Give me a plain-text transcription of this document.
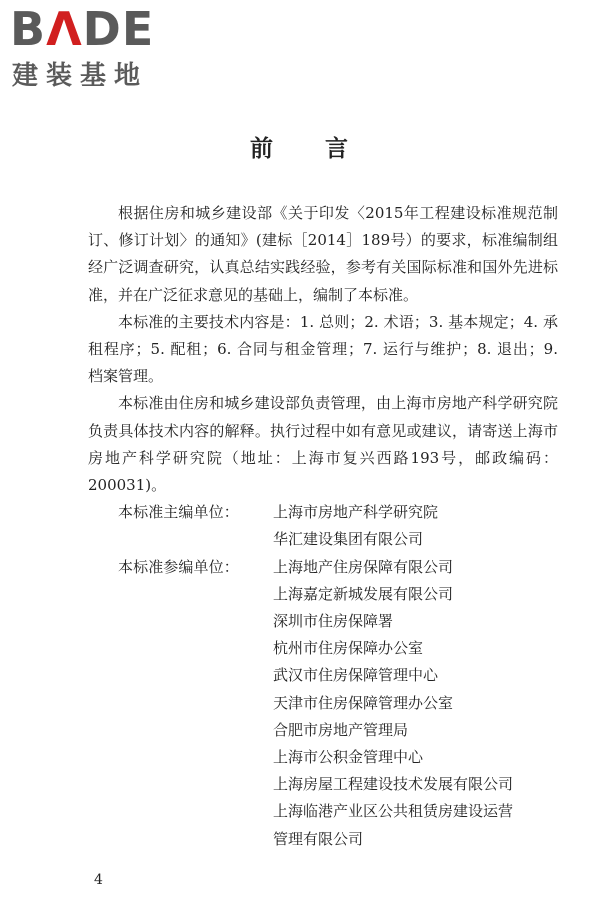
BΛDE
建装基地
前　　言

根据住房和城乡建设部《关于印发〈2015年工程建设标准规范制订、修订计划〉的通知》(建标［2014］189号）的要求，标准编制组经广泛调查研究，认真总结实践经验，参考有关国际标准和国外先进标准，并在广泛征求意见的基础上，编制了本标准。

本标准的主要技术内容是：1. 总则；2. 术语；3. 基本规定；4. 承租程序；5. 配租；6. 合同与租金管理；7. 运行与维护；8. 退出；9. 档案管理。

本标准由住房和城乡建设部负责管理，由上海市房地产科学研究院负责具体技术内容的解释。执行过程中如有意见或建议，请寄送上海市房地产科学研究院（地址：上海市复兴西路193号，邮政编码：200031)。

本标准主编单位：	上海市房地产科学研究院
华汇建设集团有限公司
本标准参编单位：	上海地产住房保障有限公司
上海嘉定新城发展有限公司
深圳市住房保障署
杭州市住房保障办公室
武汉市住房保障管理中心
天津市住房保障管理办公室
合肥市房地产管理局
上海市公积金管理中心
上海房屋工程建设技术发展有限公司
上海临港产业区公共租赁房建设运营
管理有限公司
4
